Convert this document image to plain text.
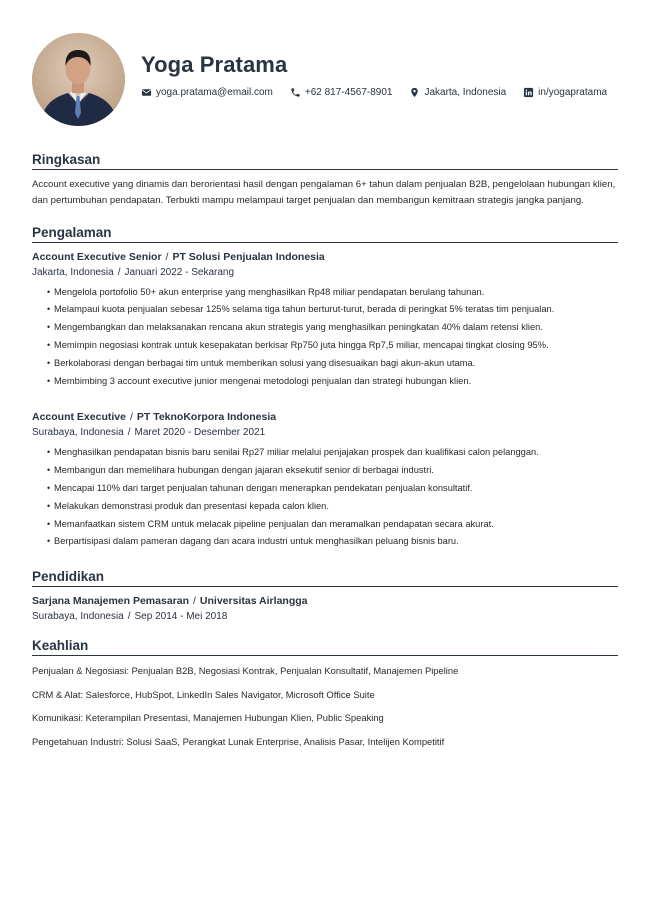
Yoga Pratama
yoga.pratama@email.com	+62 817-4567-8901	Jakarta, Indonesia	in/yogapratama
Ringkasan

Account executive yang dinamis dan berorientasi hasil dengan pengalaman 6+ tahun dalam penjualan B2B, pengelolaan hubungan klien, dan pertumbuhan pendapatan. Terbukti mampu melampaui target penjualan dan membangun kemitraan strategis jangka panjang.

Pengalaman
Account Executive Senior / PT Solusi Penjualan Indonesia
Jakarta, Indonesia / Januari 2022 - Sekarang
• Mengelola portofolio 50+ akun enterprise yang menghasilkan Rp48 miliar pendapatan berulang tahunan.
• Melampaui kuota penjualan sebesar 125% selama tiga tahun berturut-turut, berada di peringkat 5% teratas tim penjualan.
• Mengembangkan dan melaksanakan rencana akun strategis yang menghasilkan peningkatan 40% dalam retensi klien.
• Memimpin negosiasi kontrak untuk kesepakatan berkisar Rp750 juta hingga Rp7,5 miliar, mencapai tingkat closing 95%.
• Berkolaborasi dengan berbagai tim untuk memberikan solusi yang disesuaikan bagi akun-akun utama.
• Membimbing 3 account executive junior mengenai metodologi penjualan dan strategi hubungan klien.
Account Executive / PT TeknoKorpora Indonesia
Surabaya, Indonesia / Maret 2020 - Desember 2021
• Menghasilkan pendapatan bisnis baru senilai Rp27 miliar melalui penjajakan prospek dan kualifikasi calon pelanggan.
• Membangun dan memelihara hubungan dengan jajaran eksekutif senior di berbagai industri.
• Mencapai 110% dari target penjualan tahunan dengan menerapkan pendekatan penjualan konsultatif.
• Melakukan demonstrasi produk dan presentasi kepada calon klien.
• Memanfaatkan sistem CRM untuk melacak pipeline penjualan dan meramalkan pendapatan secara akurat.
• Berpartisipasi dalam pameran dagang dan acara industri untuk menghasilkan peluang bisnis baru.
Pendidikan
Sarjana Manajemen Pemasaran / Universitas Airlangga
Surabaya, Indonesia / Sep 2014 - Mei 2018
Keahlian

Penjualan & Negosiasi: Penjualan B2B, Negosiasi Kontrak, Penjualan Konsultatif, Manajemen Pipeline

CRM & Alat: Salesforce, HubSpot, LinkedIn Sales Navigator, Microsoft Office Suite

Komunikasi: Keterampilan Presentasi, Manajemen Hubungan Klien, Public Speaking

Pengetahuan Industri: Solusi SaaS, Perangkat Lunak Enterprise, Analisis Pasar, Intelijen Kompetitif
